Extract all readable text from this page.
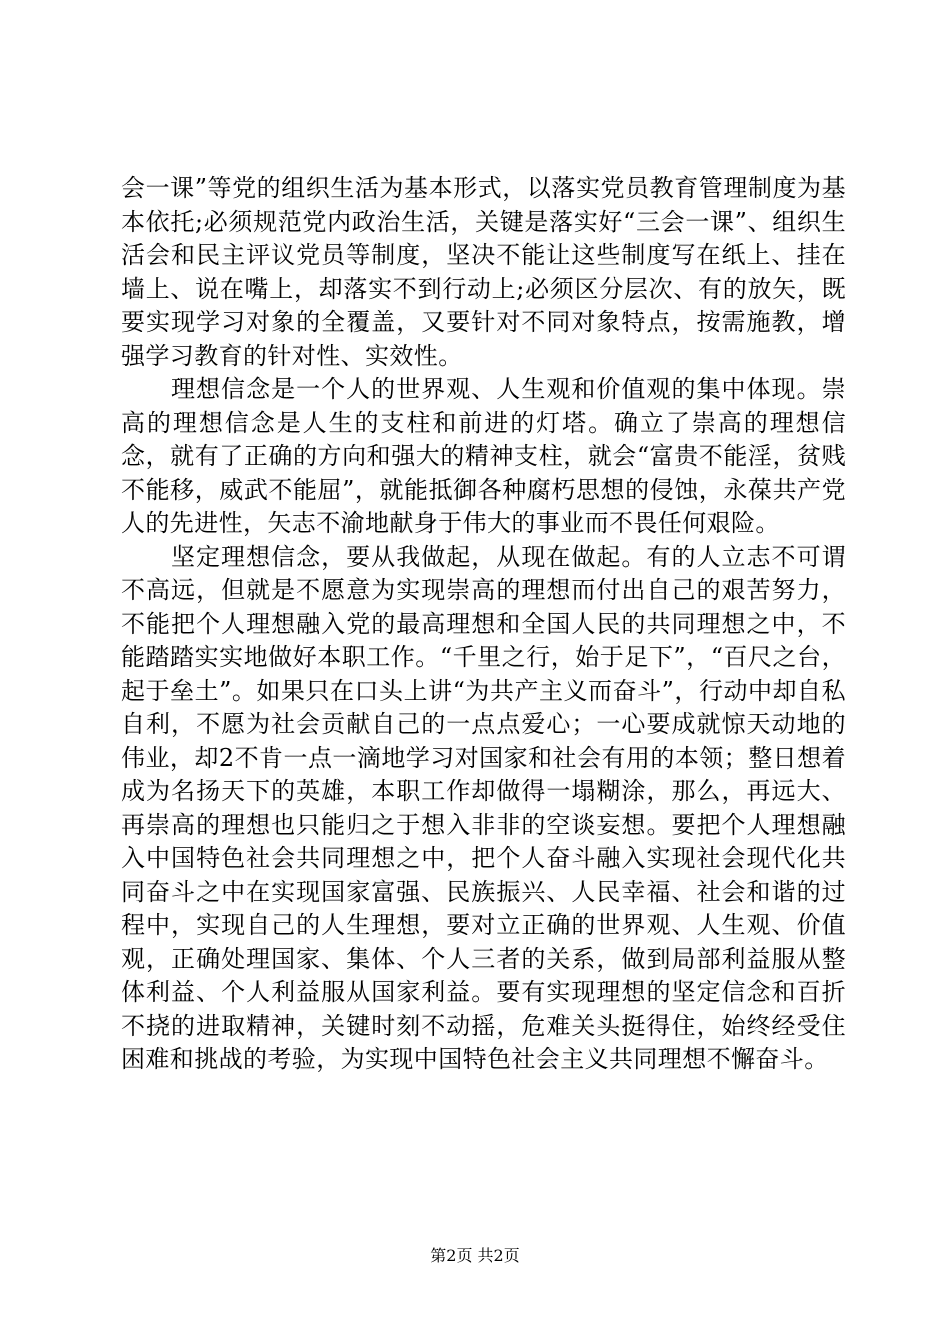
会一课”等党的组织生活为基本形式，以落实党员教育管理制度为基本依托;必须规范党内政治生活，关键是落实好“三会一课”、组织生活会和民主评议党员等制度，坚决不能让这些制度写在纸上、挂在墙上、说在嘴上，却落实不到行动上;必须区分层次、有的放矢，既要实现学习对象的全覆盖，又要针对不同对象特点，按需施教，增强学习教育的针对性、实效性。

理想信念是一个人的世界观、人生观和价值观的集中体现。崇高的理想信念是人生的支柱和前进的灯塔。确立了崇高的理想信念，就有了正确的方向和强大的精神支柱，就会“富贵不能淫，贫贱不能移，威武不能屈”，就能抵御各种腐朽思想的侵蚀，永葆共产党人的先进性，矢志不渝地献身于伟大的事业而不畏任何艰险。

坚定理想信念，要从我做起，从现在做起。有的人立志不可谓不高远，但就是不愿意为实现崇高的理想而付出自己的艰苦努力，不能把个人理想融入党的最高理想和全国人民的共同理想之中，不能踏踏实实地做好本职工作。“千里之行，始于足下”，“百尺之台，起于垒土”。如果只在口头上讲“为共产主义而奋斗”，行动中却自私自利，不愿为社会贡献自己的一点点爱心；一心要成就惊天动地的伟业，却2不肯一点一滴地学习对国家和社会有用的本领；整日想着成为名扬天下的英雄，本职工作却做得一塌糊涂，那么，再远大、再崇高的理想也只能归之于想入非非的空谈妄想。要把个人理想融入中国特色社会共同理想之中，把个人奋斗融入实现社会现代化共同奋斗之中在实现国家富强、民族振兴、人民幸福、社会和谐的过程中，实现自己的人生理想，要对立正确的世界观、人生观、价值观，正确处理国家、集体、个人三者的关系，做到局部利益服从整体利益、个人利益服从国家利益。要有实现理想的坚定信念和百折不挠的进取精神，关键时刻不动摇，危难关头挺得住，始终经受住困难和挑战的考验，为实现中国特色社会主义共同理想不懈奋斗。

第2页 共2页
